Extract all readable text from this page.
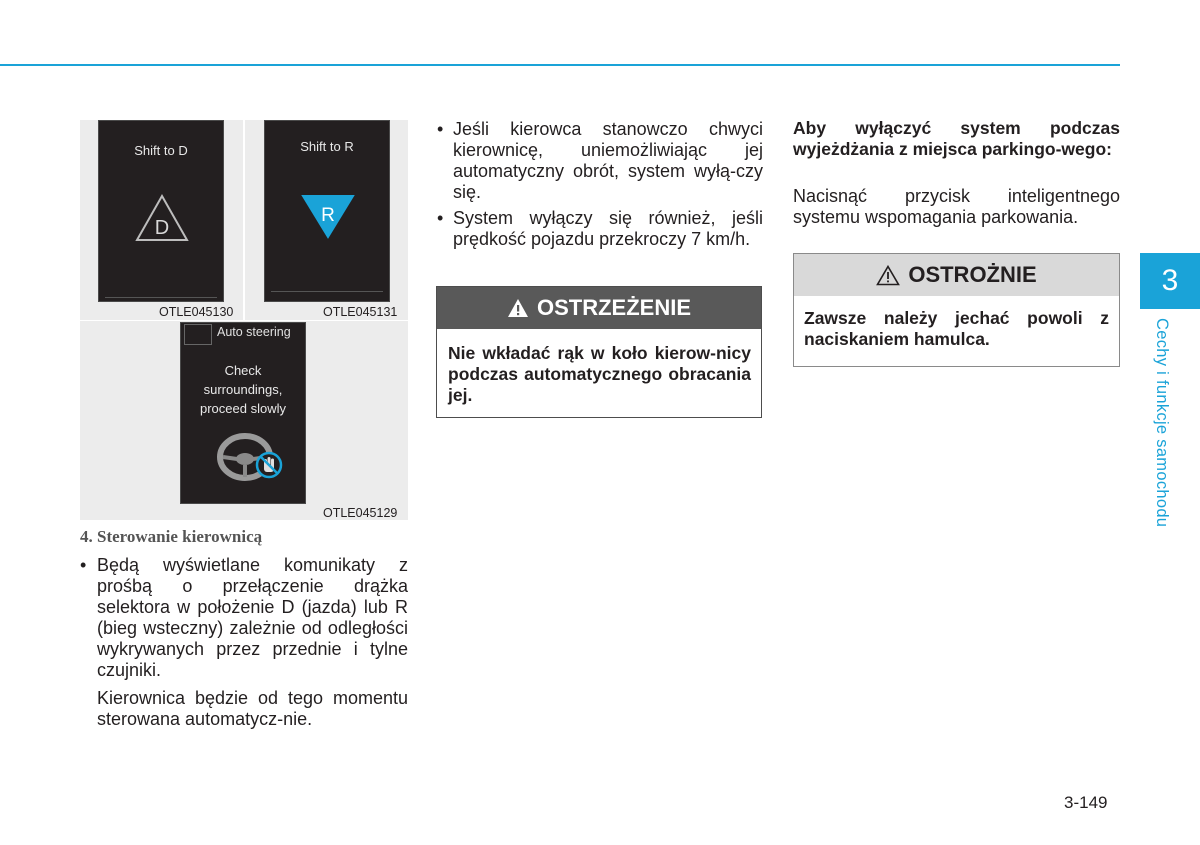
Shift to D
D
OTLE045130
Shift to R
R
OTLE045131
Auto steering
Check
surroundings,
proceed slowly
OTLE045129
4. Sterowanie kierownicą
• Będą wyświetlane komunikaty z prośbą o przełączenie drążka selektora w położenie D (jazda) lub R (bieg wsteczny) zależnie od odległości wykrywanych przez przednie i tylne czujniki.
Kierownica będzie od tego momentu sterowana automatycz-nie.
• Jeśli kierowca stanowczo chwyci kierownicę, uniemożliwiając jej automatyczny obrót, system wyłą-czy się.
• System wyłączy się również, jeśli prędkość pojazdu przekroczy 7 km/h.
OSTRZEŻENIE
Nie wkładać rąk w koło kierow-nicy podczas automatycznego obracania jej.
Aby wyłączyć system podczas wyjeżdżania z miejsca parkingo-wego:
Nacisnąć przycisk inteligentnego systemu wspomagania parkowania.
OSTROŻNIE
Zawsze należy jechać powoli z naciskaniem hamulca.
3
Cechy i funkcje samochodu
3-149
